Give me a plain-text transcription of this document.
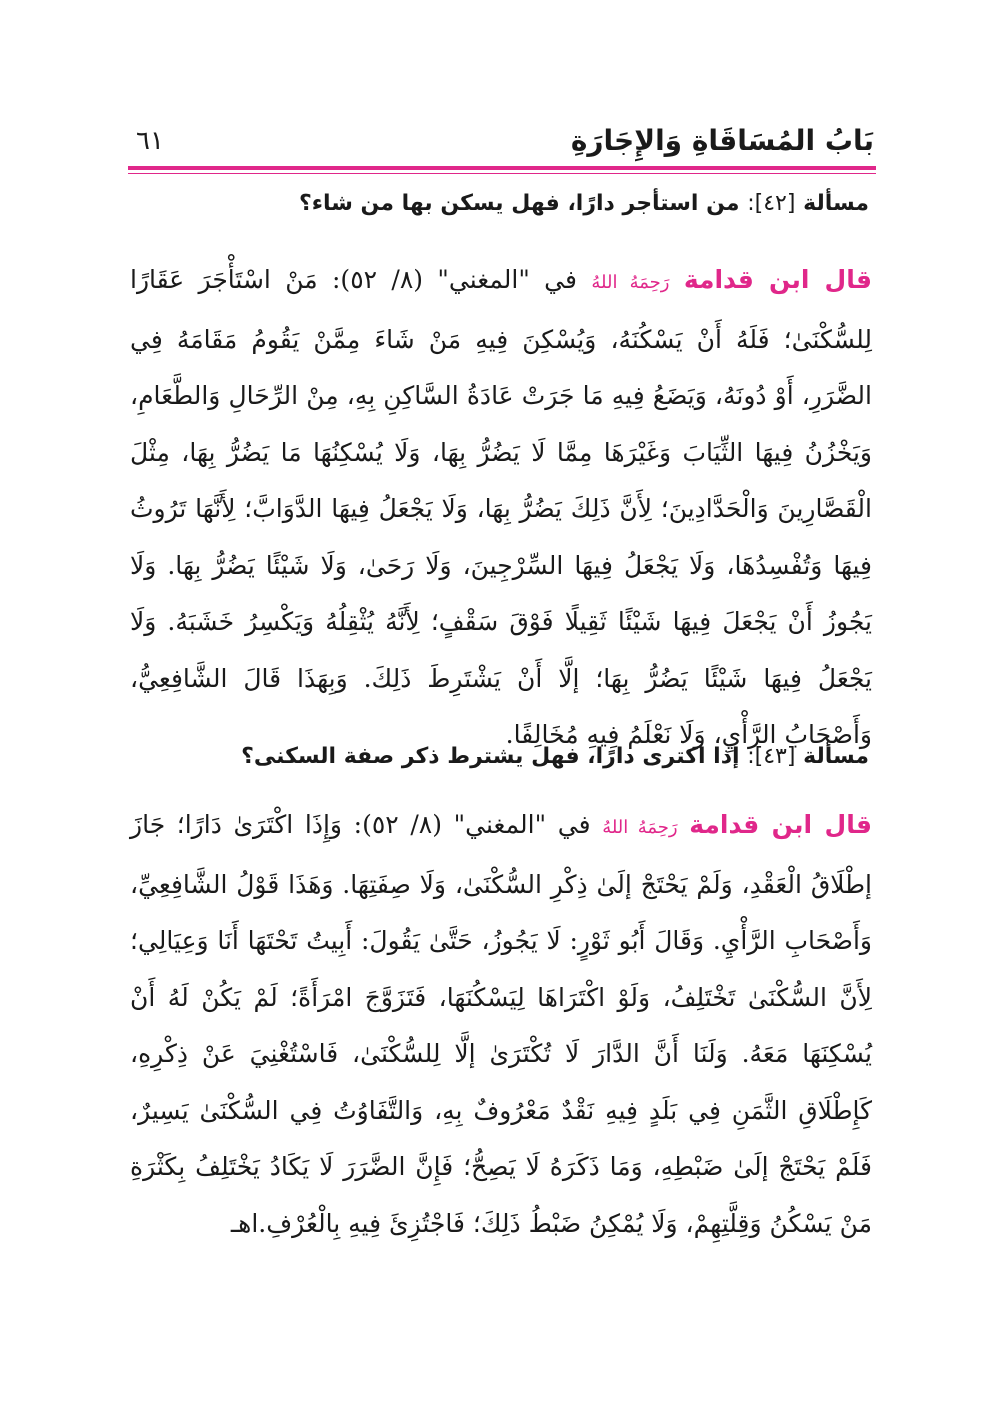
بَابُ المُسَاقَاةِ وَالإِجَارَةِ
٦١
مسألة [٤٢]: من استأجر دارًا، فهل يسكن بها من شاء؟
قال ابن قدامة رَحِمَهُ اللهُ في "المغني" (٨/ ٥٢): مَنْ اسْتَأْجَرَ عَقَارًا لِلسُّكْنَىٰ؛ فَلَهُ أَنْ يَسْكُنَهُ، وَيُسْكِنَ فِيهِ مَنْ شَاءَ مِمَّنْ يَقُومُ مَقَامَهُ فِي الضَّرَرِ، أَوْ دُونَهُ، وَيَضَعُ فِيهِ مَا جَرَتْ عَادَةُ السَّاكِنِ بِهِ، مِنْ الرِّحَالِ وَالطَّعَامِ، وَيَخْزُنُ فِيهَا الثِّيَابَ وَغَيْرَهَا مِمَّا لَا يَضُرُّ بِهَا، وَلَا يُسْكِنُهَا مَا يَضُرُّ بِهَا، مِثْلَ الْقَصَّارِينَ وَالْحَدَّادِينَ؛ لِأَنَّ ذَلِكَ يَضُرُّ بِهَا، وَلَا يَجْعَلُ فِيهَا الدَّوَابَّ؛ لِأَنَّهَا تَرُوثُ فِيهَا وَتُفْسِدُهَا، وَلَا يَجْعَلُ فِيهَا السِّرْجِينَ، وَلَا رَحَىٰ، وَلَا شَيْئًا يَضُرُّ بِهَا. وَلَا يَجُوزُ أَنْ يَجْعَلَ فِيهَا شَيْئًا ثَقِيلًا فَوْقَ سَقْفٍ؛ لِأَنَّهُ يُثْقِلُهُ وَيَكْسِرُ خَشَبَهُ. وَلَا يَجْعَلُ فِيهَا شَيْئًا يَضُرُّ بِهَا؛ إلَّا أَنْ يَشْتَرِطَ ذَلِكَ. وَبِهَذَا قَالَ الشَّافِعِيُّ، وَأَصْحَابُ الرَّأْيِ، وَلَا نَعْلَمُ فِيهِ مُخَالِفًا.
مسألة [٤٣]: إذا اكترى دارًا، فهل يشترط ذكر صفة السكنى؟
قال ابن قدامة رَحِمَهُ اللهُ في "المغني" (٨/ ٥٢): وَإِذَا اكْتَرَىٰ دَارًا؛ جَازَ إطْلَاقُ الْعَقْدِ، وَلَمْ يَحْتَجْ إلَىٰ ذِكْرِ السُّكْنَىٰ، وَلَا صِفَتِهَا. وَهَذَا قَوْلُ الشَّافِعِيِّ، وَأَصْحَابِ الرَّأْيِ. وَقَالَ أَبُو ثَوْرٍ: لَا يَجُوزُ، حَتَّىٰ يَقُولَ: أَبِيتُ تَحْتَهَا أَنَا وَعِيَالِي؛ لِأَنَّ السُّكْنَىٰ تَخْتَلِفُ، وَلَوْ اكْتَرَاهَا لِيَسْكُنَهَا، فَتَزَوَّجَ امْرَأَةً؛ لَمْ يَكُنْ لَهُ أَنْ يُسْكِنَهَا مَعَهُ. وَلَنَا أَنَّ الدَّارَ لَا تُكْتَرَىٰ إلَّا لِلسُّكْنَىٰ، فَاسْتُغْنِيَ عَنْ ذِكْرِهِ، كَإِطْلَاقِ الثَّمَنِ فِي بَلَدٍ فِيهِ نَقْدٌ مَعْرُوفٌ بِهِ، وَالتَّفَاوُتُ فِي السُّكْنَىٰ يَسِيرٌ، فَلَمْ يَحْتَجْ إلَىٰ ضَبْطِهِ، وَمَا ذَكَرَهُ لَا يَصِحُّ؛ فَإِنَّ الضَّرَرَ لَا يَكَادُ يَخْتَلِفُ بِكَثْرَةِ مَنْ يَسْكُنُ وَقِلَّتِهِمْ، وَلَا يُمْكِنُ ضَبْطُ ذَلِكَ؛ فَاجْتُزِئَ فِيهِ بِالْعُرْفِ.اهـ
